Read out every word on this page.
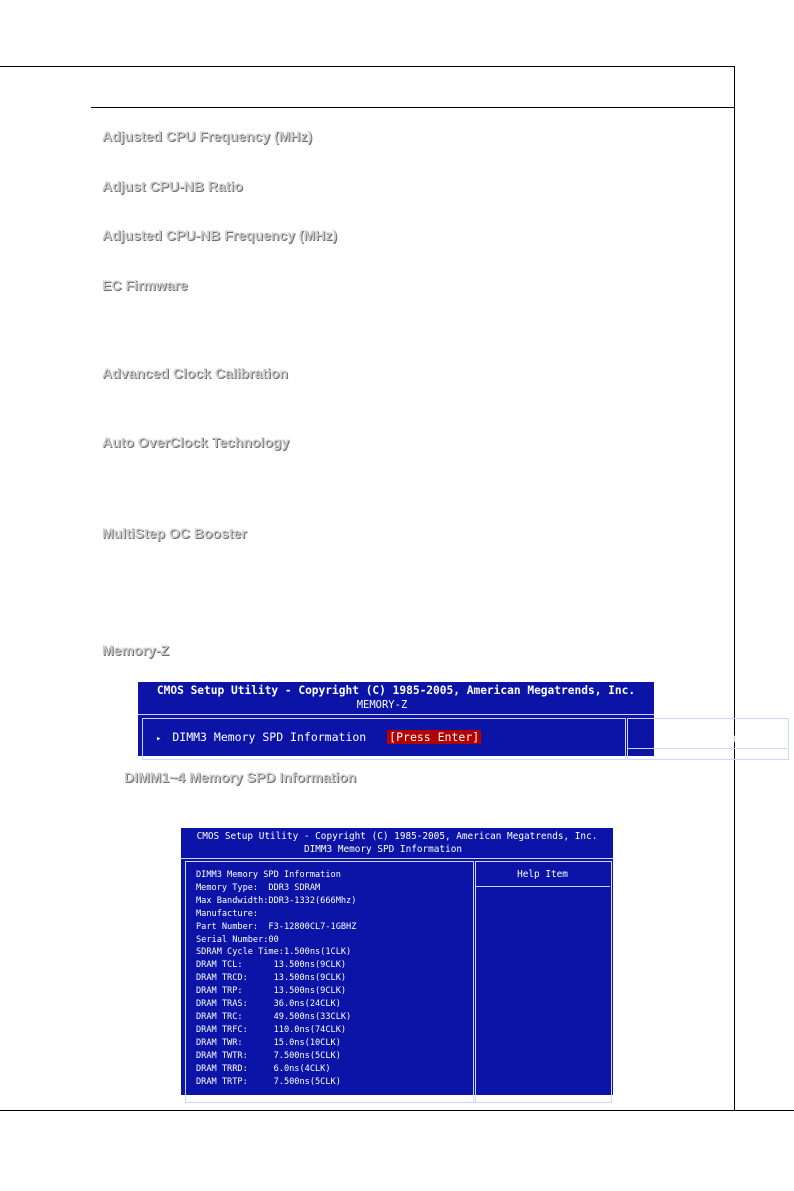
Adjusted CPU Frequency (MHz)
Adjust CPU-NB Ratio
Adjusted CPU-NB Frequency (MHz)
EC Firmware
Advanced Clock Calibration
Auto OverClock Technology
MultiStep OC Booster
Memory-Z
CMOS Setup Utility - Copyright (C) 1985-2005, American Megatrends, Inc.
MEMORY-Z
▸ DIMM3 Memory SPD Information [Press Enter]	Help Item
DIMM1~4 Memory SPD Information
CMOS Setup Utility - Copyright (C) 1985-2005, American Megatrends, Inc.
DIMM3 Memory SPD Information
Help Item
DIMM3 Memory SPD Information
Memory Type:  DDR3 SDRAM
Max Bandwidth:DDR3-1332(666Mhz)
Manufacture:
Part Number:  F3-12800CL7-1GBHZ
Serial Number:00
SDRAM Cycle Time:1.500ns(1CLK)
DRAM TCL:      13.500ns(9CLK)
DRAM TRCD:     13.500ns(9CLK)
DRAM TRP:      13.500ns(9CLK)
DRAM TRAS:     36.0ns(24CLK)
DRAM TRC:      49.500ns(33CLK)
DRAM TRFC:     110.0ns(74CLK)
DRAM TWR:      15.0ns(10CLK)
DRAM TWTR:     7.500ns(5CLK)
DRAM TRRD:     6.0ns(4CLK)
DRAM TRTP:     7.500ns(5CLK)
